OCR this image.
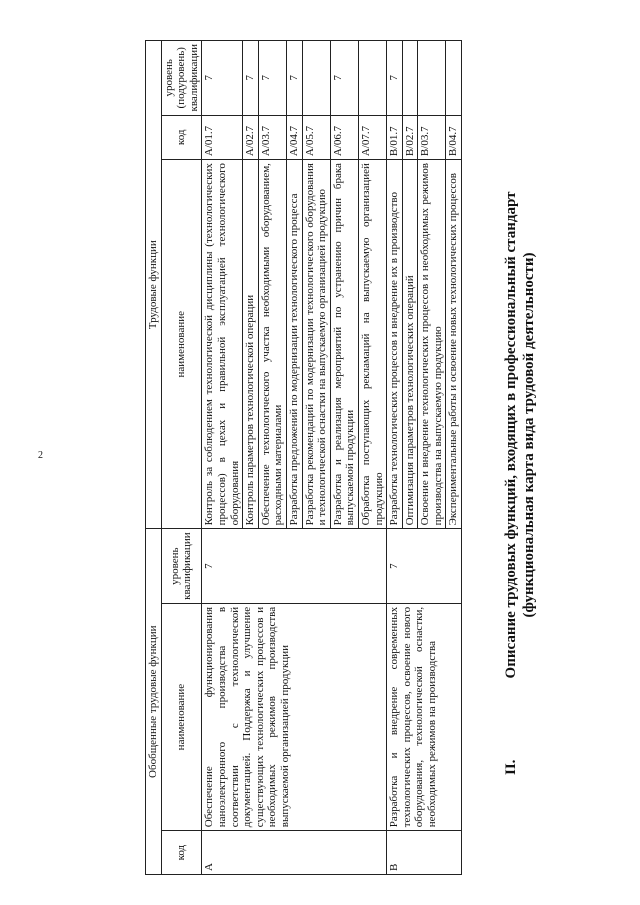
2
II.
Описание трудовых функций, входящих в профессиональный стандарт (функциональная карта вида трудовой деятельности)
Обобщенные трудовые функции			Трудовые функции		
код	наименование	уровень квалификации	наименование	код	уровень (подуровень) квалификации
A	Обеспечение функционирования наноэлектронного производства в соответствии с технологической документацией. Поддержка и улучшение существующих технологических процессов и необходимых режимов производства выпускаемой организацией продукции	7	Контроль за соблюдением технологической дисциплины (технологических процессов) в цехах и правильной эксплуатацией технологического оборудования	A/01.7	7
			Контроль параметров технологической операции	A/02.7	7
			Обеспечение технологического участка необходимыми оборудованием, расходными материалами	A/03.7	7
			Разработка предложений по модернизации технологического процесса	A/04.7	7
			Разработка рекомендаций по модернизации технологического оборудования и технологической оснастки на выпускаемую организацией продукцию	A/05.7	
			Разработка и реализация мероприятий по устранению причин брака выпускаемой продукции	A/06.7	7
			Обработка поступающих рекламаций на выпускаемую организацией продукцию	A/07.7	
B	Разработка и внедрение современных технологических процессов, освоение нового оборудования, технологической оснастки, необходимых режимов на производства	7	Разработка технологических процессов и внедрение их в производство	B/01.7	7
			Оптимизация параметров технологических операций	B/02.7	
			Освоение и внедрение технологических процессов и необходимых режимов производства на выпускаемую продукцию	B/03.7	
			Экспериментальные работы и освоение новых технологических процессов	B/04.7	
